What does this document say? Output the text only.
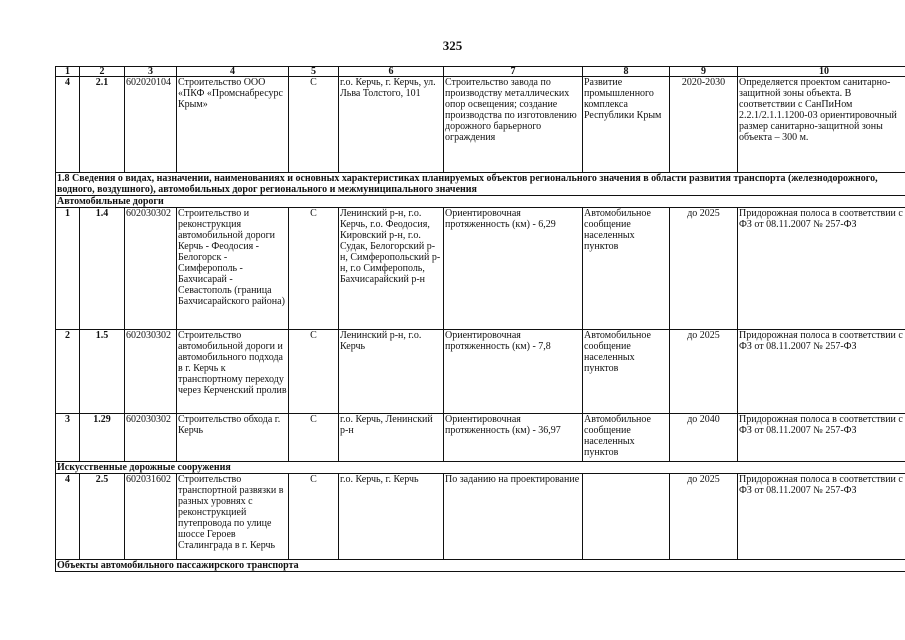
325
1	2	3	4	5	6	7	8	9	10
4	2.1	602020104	Строительство ООО «ПКФ «Промснабресурс Крым»	С	г.о. Керчь, г. Керчь, ул. Льва Толстого, 101	Строительство завода по производству металлических опор освещения; создание производства по изготовлению дорожного барьерного ограждения	Развитие промышленного комплекса Республики Крым	2020-2030	Определяется проектом санитарно-защитной зоны объекта. В соответствии с СанПиНом 2.2.1/2.1.1.1200-03 ориентировочный размер санитарно-защитной зоны объекта – 300 м.
1.8 Сведения о видах, назначении, наименованиях и основных характеристиках планируемых объектов регионального значения в области развития транспорта (железнодорожного, водного, воздушного), автомобильных дорог регионального и межмуниципального значения									
Автомобильные дороги									
1	1.4	602030302	Строительство и реконструкция автомобильной дороги Керчь - Феодосия - Белогорск - Симферополь - Бахчисарай - Севастополь (граница Бахчисарайского района)	С	Ленинский р-н, г.о. Керчь, г.о. Феодосия, Кировский р-н, г.о. Судак, Белогорский р-н, Симферопольский р-н, г.о Симферополь, Бахчисарайский р-н	Ориентировочная протяженность (км) - 6,29	Автомобильное сообщение населенных пунктов	до 2025	Придорожная полоса в соответствии с ФЗ от 08.11.2007 № 257-ФЗ
2	1.5	602030302	Строительство автомобильной дороги и автомобильного подхода в г. Керчь к транспортному переходу через Керченский пролив	С	Ленинский р-н, г.о. Керчь	Ориентировочная протяженность (км) - 7,8	Автомобильное сообщение населенных пунктов	до 2025	Придорожная полоса в соответствии с ФЗ от 08.11.2007 № 257-ФЗ
3	1.29	602030302	Строительство обхода г. Керчь	С	г.о. Керчь, Ленинский р-н	Ориентировочная протяженность (км) - 36,97	Автомобильное сообщение населенных пунктов	до 2040	Придорожная полоса в соответствии с ФЗ от 08.11.2007 № 257-ФЗ
Искусственные дорожные сооружения									
4	2.5	602031602	Строительство транспортной развязки в разных уровнях с реконструкцией путепровода по улице шоссе Героев Сталинграда в г. Керчь	С	г.о. Керчь, г. Керчь	По заданию на проектирование		до 2025	Придорожная полоса в соответствии с ФЗ от 08.11.2007 № 257-ФЗ
Объекты автомобильного пассажирского транспорта									
